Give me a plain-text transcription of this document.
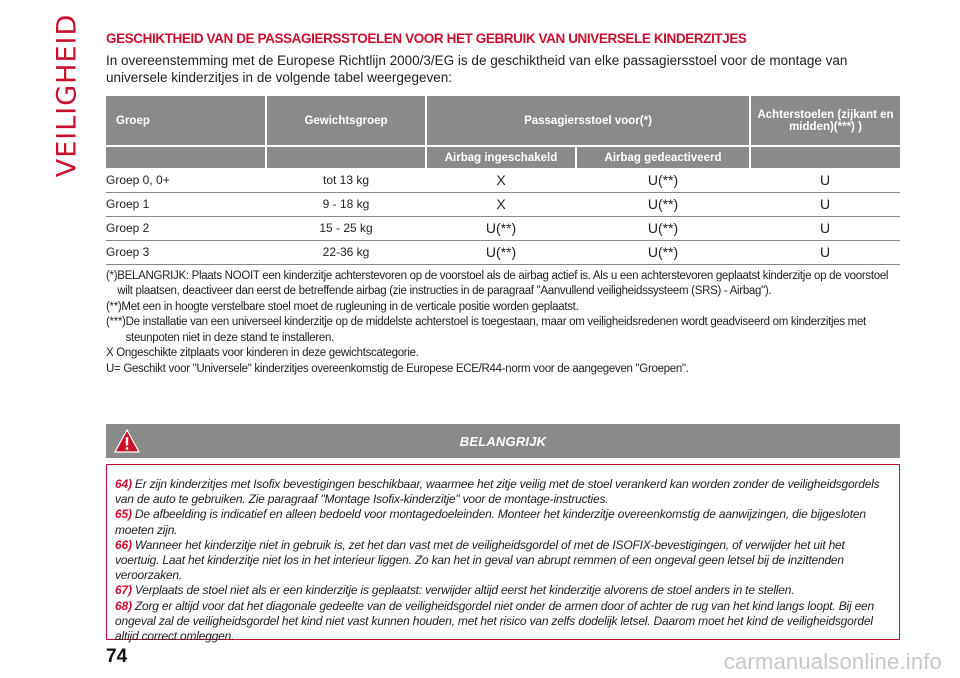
VEILIGHEID GESCHIKTHEID VAN DE PASSAGIERSSTOELEN VOOR HET GEBRUIK VAN UNIVERSELE KINDERZITJES

In overeenstemming met de Europese Richtlijn 2000/3/EG is de geschiktheid van elke passagiersstoel voor de montage van universele kinderzitjes in de volgende tabel weergegeven:

Groep	Gewichtsgroep	Passagiersstoel voor(*)		Achterstoelen (zijkant en midden)(***) )
		Airbag ingeschakeld	Airbag gedeactiveerd	
Groep 0, 0+	tot 13 kg	X	U(**)	U
Groep 1	9 - 18 kg	X	U(**)	U
Groep 2	15 - 25 kg	U(**)	U(**)	U
Groep 3	22-36 kg	U(**)	U(**)	U
(*) BELANGRIJK: Plaats NOOIT een kinderzitje achterstevoren op de voorstoel als de airbag actief is. Als u een achterstevoren geplaatst kinderzitje op de voorstoel wilt plaatsen, deactiveer dan eerst de betreffende airbag (zie instructies in de paragraaf "Aanvullend veiligheidssysteem (SRS) - Airbag").
(**) Met een in hoogte verstelbare stoel moet de rugleuning in de verticale positie worden geplaatst.
(***) De installatie van een universeel kinderzitje op de middelste achterstoel is toegestaan, maar om veiligheidsredenen wordt geadviseerd om kinderzitjes met steunpoten niet in deze stand te installeren.
X Ongeschikte zitplaats voor kinderen in deze gewichtscategorie.
U= Geschikt voor "Universele" kinderzitjes overeenkomstig de Europese ECE/R44-norm voor de aangegeven "Groepen".
BELANGRIJK

64) Er zijn kinderzitjes met Isofix bevestigingen beschikbaar, waarmee het zitje veilig met de stoel verankerd kan worden zonder de veiligheidsgordels van de auto te gebruiken. Zie paragraaf "Montage Isofix-kinderzitje" voor de montage-instructies.

65) De afbeelding is indicatief en alleen bedoeld voor montagedoeleinden. Monteer het kinderzitje overeenkomstig de aanwijzingen, die bijgesloten moeten zijn.

66) Wanneer het kinderzitje niet in gebruik is, zet het dan vast met de veiligheidsgordel of met de ISOFIX-bevestigingen, of verwijder het uit het voertuig. Laat het kinderzitje niet los in het interieur liggen. Zo kan het in geval van abrupt remmen of een ongeval geen letsel bij de inzittenden veroorzaken.

67) Verplaats de stoel niet als er een kinderzitje is geplaatst: verwijder altijd eerst het kinderzitje alvorens de stoel anders in te stellen.

68) Zorg er altijd voor dat het diagonale gedeelte van de veiligheidsgordel niet onder de armen door of achter de rug van het kind langs loopt. Bij een ongeval zal de veiligheidsgordel het kind niet vast kunnen houden, met het risico van zelfs dodelijk letsel. Daarom moet het kind de veiligheidsgordel altijd correct omleggen.

74	carmanualsonline.info
